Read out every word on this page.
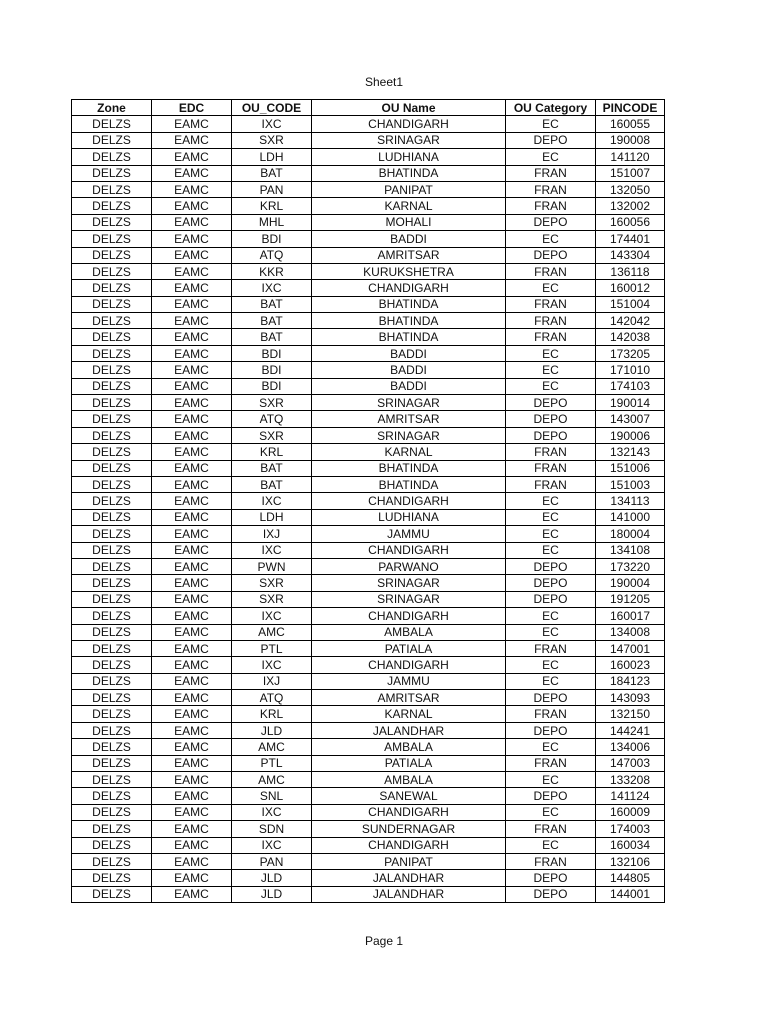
Sheet1
Zone	EDC	OU_CODE	OU Name	OU Category	PINCODE
DELZS	EAMC	IXC	CHANDIGARH	EC	160055
DELZS	EAMC	SXR	SRINAGAR	DEPO	190008
DELZS	EAMC	LDH	LUDHIANA	EC	141120
DELZS	EAMC	BAT	BHATINDA	FRAN	151007
DELZS	EAMC	PAN	PANIPAT	FRAN	132050
DELZS	EAMC	KRL	KARNAL	FRAN	132002
DELZS	EAMC	MHL	MOHALI	DEPO	160056
DELZS	EAMC	BDI	BADDI	EC	174401
DELZS	EAMC	ATQ	AMRITSAR	DEPO	143304
DELZS	EAMC	KKR	KURUKSHETRA	FRAN	136118
DELZS	EAMC	IXC	CHANDIGARH	EC	160012
DELZS	EAMC	BAT	BHATINDA	FRAN	151004
DELZS	EAMC	BAT	BHATINDA	FRAN	142042
DELZS	EAMC	BAT	BHATINDA	FRAN	142038
DELZS	EAMC	BDI	BADDI	EC	173205
DELZS	EAMC	BDI	BADDI	EC	171010
DELZS	EAMC	BDI	BADDI	EC	174103
DELZS	EAMC	SXR	SRINAGAR	DEPO	190014
DELZS	EAMC	ATQ	AMRITSAR	DEPO	143007
DELZS	EAMC	SXR	SRINAGAR	DEPO	190006
DELZS	EAMC	KRL	KARNAL	FRAN	132143
DELZS	EAMC	BAT	BHATINDA	FRAN	151006
DELZS	EAMC	BAT	BHATINDA	FRAN	151003
DELZS	EAMC	IXC	CHANDIGARH	EC	134113
DELZS	EAMC	LDH	LUDHIANA	EC	141000
DELZS	EAMC	IXJ	JAMMU	EC	180004
DELZS	EAMC	IXC	CHANDIGARH	EC	134108
DELZS	EAMC	PWN	PARWANO	DEPO	173220
DELZS	EAMC	SXR	SRINAGAR	DEPO	190004
DELZS	EAMC	SXR	SRINAGAR	DEPO	191205
DELZS	EAMC	IXC	CHANDIGARH	EC	160017
DELZS	EAMC	AMC	AMBALA	EC	134008
DELZS	EAMC	PTL	PATIALA	FRAN	147001
DELZS	EAMC	IXC	CHANDIGARH	EC	160023
DELZS	EAMC	IXJ	JAMMU	EC	184123
DELZS	EAMC	ATQ	AMRITSAR	DEPO	143093
DELZS	EAMC	KRL	KARNAL	FRAN	132150
DELZS	EAMC	JLD	JALANDHAR	DEPO	144241
DELZS	EAMC	AMC	AMBALA	EC	134006
DELZS	EAMC	PTL	PATIALA	FRAN	147003
DELZS	EAMC	AMC	AMBALA	EC	133208
DELZS	EAMC	SNL	SANEWAL	DEPO	141124
DELZS	EAMC	IXC	CHANDIGARH	EC	160009
DELZS	EAMC	SDN	SUNDERNAGAR	FRAN	174003
DELZS	EAMC	IXC	CHANDIGARH	EC	160034
DELZS	EAMC	PAN	PANIPAT	FRAN	132106
DELZS	EAMC	JLD	JALANDHAR	DEPO	144805
DELZS	EAMC	JLD	JALANDHAR	DEPO	144001
Page 1
